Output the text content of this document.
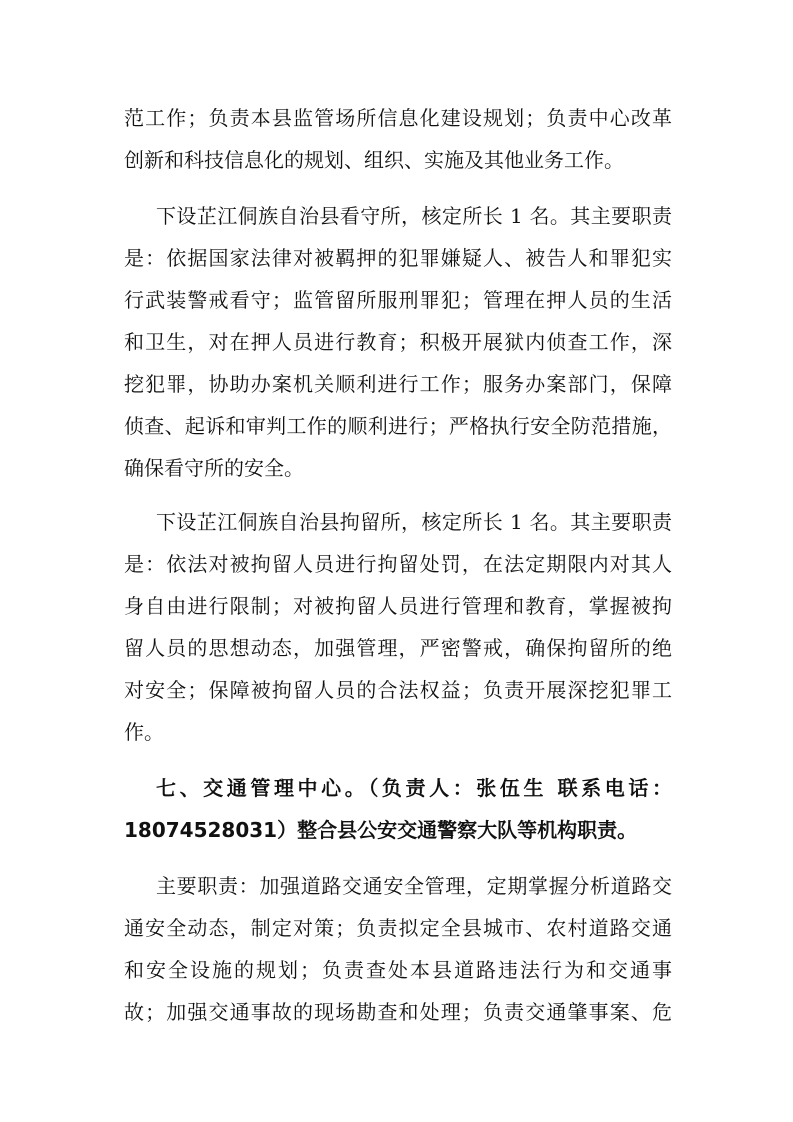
范工作；负责本县监管场所信息化建设规划；负责中心改革
创新和科技信息化的规划、组织、实施及其他业务工作。
下设芷江侗族自治县看守所，核定所长 1 名。其主要职责
是：依据国家法律对被羁押的犯罪嫌疑人、被告人和罪犯实
行武装警戒看守；监管留所服刑罪犯；管理在押人员的生活
和卫生，对在押人员进行教育；积极开展狱内侦查工作，深
挖犯罪，协助办案机关顺利进行工作；服务办案部门，保障
侦查、起诉和审判工作的顺利进行；严格执行安全防范措施，
确保看守所的安全。
下设芷江侗族自治县拘留所，核定所长 1 名。其主要职责
是：依法对被拘留人员进行拘留处罚，在法定期限内对其人
身自由进行限制；对被拘留人员进行管理和教育，掌握被拘
留人员的思想动态，加强管理，严密警戒，确保拘留所的绝
对安全；保障被拘留人员的合法权益；负责开展深挖犯罪工
作。
七、交通管理中心。（负责人：张伍生 联系电话：
18074528031）整合县公安交通警察大队等机构职责。
主要职责：加强道路交通安全管理，定期掌握分析道路交
通安全动态，制定对策；负责拟定全县城市、农村道路交通
和安全设施的规划；负责查处本县道路违法行为和交通事
故；加强交通事故的现场勘查和处理；负责交通肇事案、危
